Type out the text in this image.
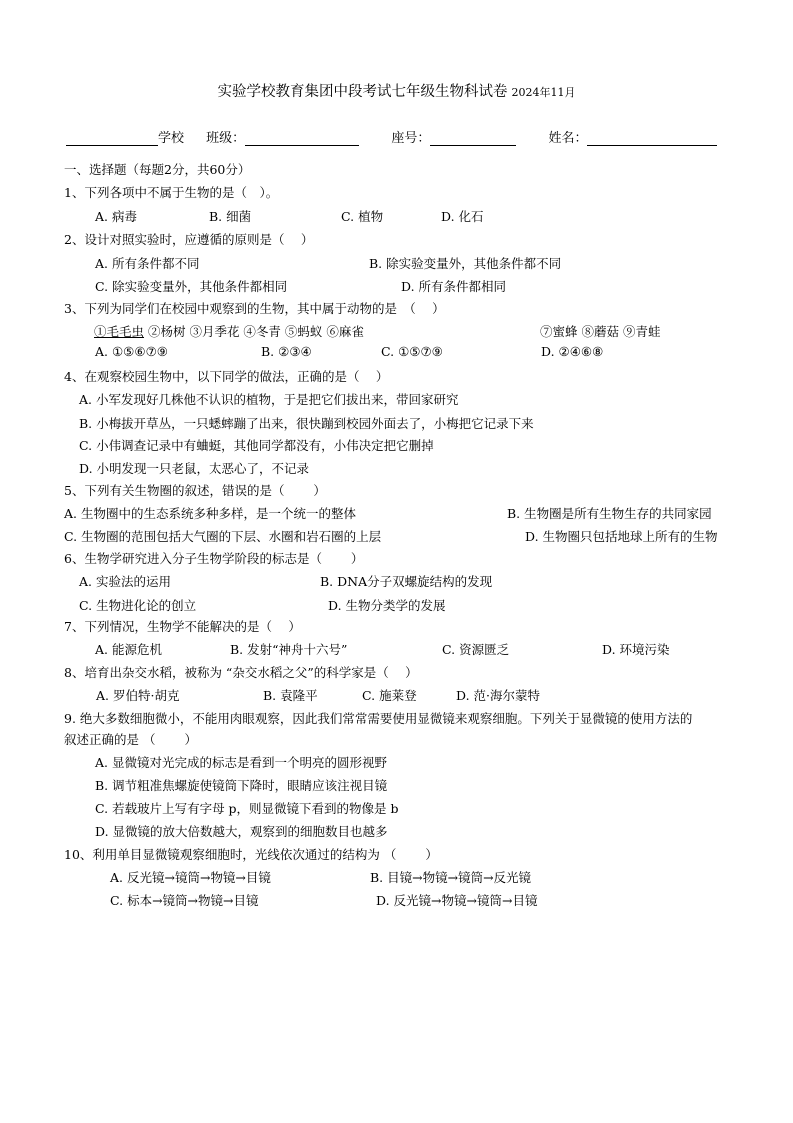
实验学校教育集团中段考试七年级生物科试卷 2024年11月
学校 班级：	座号：	姓名：
一、选择题（每题2分，共60分）
1、下列各项中不属于生物的是（　）。
A. 病毒	B. 细菌	C. 植物	D. 化石
2、设计对照实验时，应遵循的原则是（　 ）
A. 所有条件都不同	B. 除实验变量外，其他条件都不同
C. 除实验变量外，其他条件都相同	D. 所有条件都相同
3、下列为同学们在校园中观察到的生物，其中属于动物的是　（　 ）
①毛毛虫 ②杨树 ③月季花 ④冬青 ⑤蚂蚁 ⑥麻雀	⑦蜜蜂 ⑧蘑菇 ⑨青蛙
A. ①⑤⑥⑦⑨	B. ②③④	C. ①⑤⑦⑨	D. ②④⑥⑧
4、在观察校园生物中，以下同学的做法，正确的是（　 ）
A. 小军发现好几株他不认识的植物，于是把它们拔出来，带回家研究
B. 小梅拔开草丛，一只蟋蟀蹦了出来，很快蹦到校园外面去了，小梅把它记录下来
C. 小伟调查记录中有蛐蜓，其他同学都没有，小伟决定把它删掉
D. 小明发现一只老鼠，太恶心了，不记录
5、下列有关生物圈的叙述，错误的是（　　 ）
A. 生物圈中的生态系统多种多样，是一个统一的整体	B. 生物圈是所有生物生存的共同家园
C. 生物圈的范围包括大气圈的下层、水圈和岩石圈的上层	D. 生物圈只包括地球上所有的生物
6、生物学研究进入分子生物学阶段的标志是（　　 ）
A. 实验法的运用	B. DNA分子双螺旋结构的发现
C. 生物进化论的创立	D. 生物分类学的发展
7、下列情况，生物学不能解决的是（　 ）
A. 能源危机	B. 发射“神舟十六号”	C. 资源匮乏	D. 环境污染
8、培育出杂交水稻，被称为 “杂交水稻之父”的科学家是（　 ）
A. 罗伯特·胡克	B. 袁隆平	C. 施莱登	D. 范·海尔蒙特
9. 绝大多数细胞微小，不能用肉眼观察，因此我们常常需要使用显微镜来观察细胞。下列关于显微镜的使用方法的
叙述正确的是 （　　 ）
A. 显微镜对光完成的标志是看到一个明亮的圆形视野
B. 调节粗准焦螺旋使镜筒下降时，眼睛应该注视目镜
C. 若载玻片上写有字母 p，则显微镜下看到的物像是 b
D. 显微镜的放大倍数越大，观察到的细胞数目也越多
10、利用单目显微镜观察细胞时，光线依次通过的结构为 （　　 ）
A. 反光镜→镜筒→物镜→目镜	B. 目镜→物镜→镜筒→反光镜
C. 标本→镜筒→物镜→目镜	D. 反光镜→物镜→镜筒→目镜
